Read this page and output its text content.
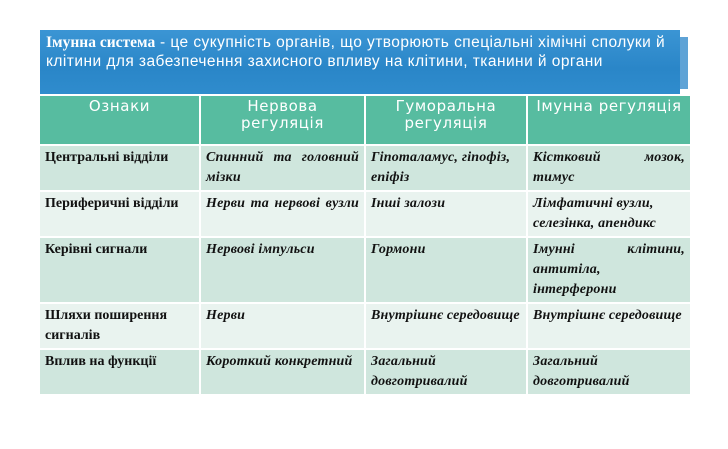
Імунна система - це сукупність органів, що утворюють спеціальні хімічні сполуки й клітини для забезпечення захисного впливу на клітини, тканини й органи
Ознаки	Нервова регуляція	Гуморальна регуляція	Імунна регуляція
Центральні відділи	Спинний та головний мізки	Гіпоталамус, гіпофіз, епіфіз	Кістковий мозок, тимус
Периферичні відділи	Нерви та нервові вузли	Інші залози	Лімфатичні вузли, селезінка, апендикс
Керівні сигнали	Нервові імпульси	Гормони	Імунні клітини, антитіла, інтерферони
Шляхи поширення сигналів	Нерви	Внутрішнє середовище	Внутрішнє середовище
Вплив на функції	Короткий конкретний	Загальний довготривалий	Загальний довготривалий
